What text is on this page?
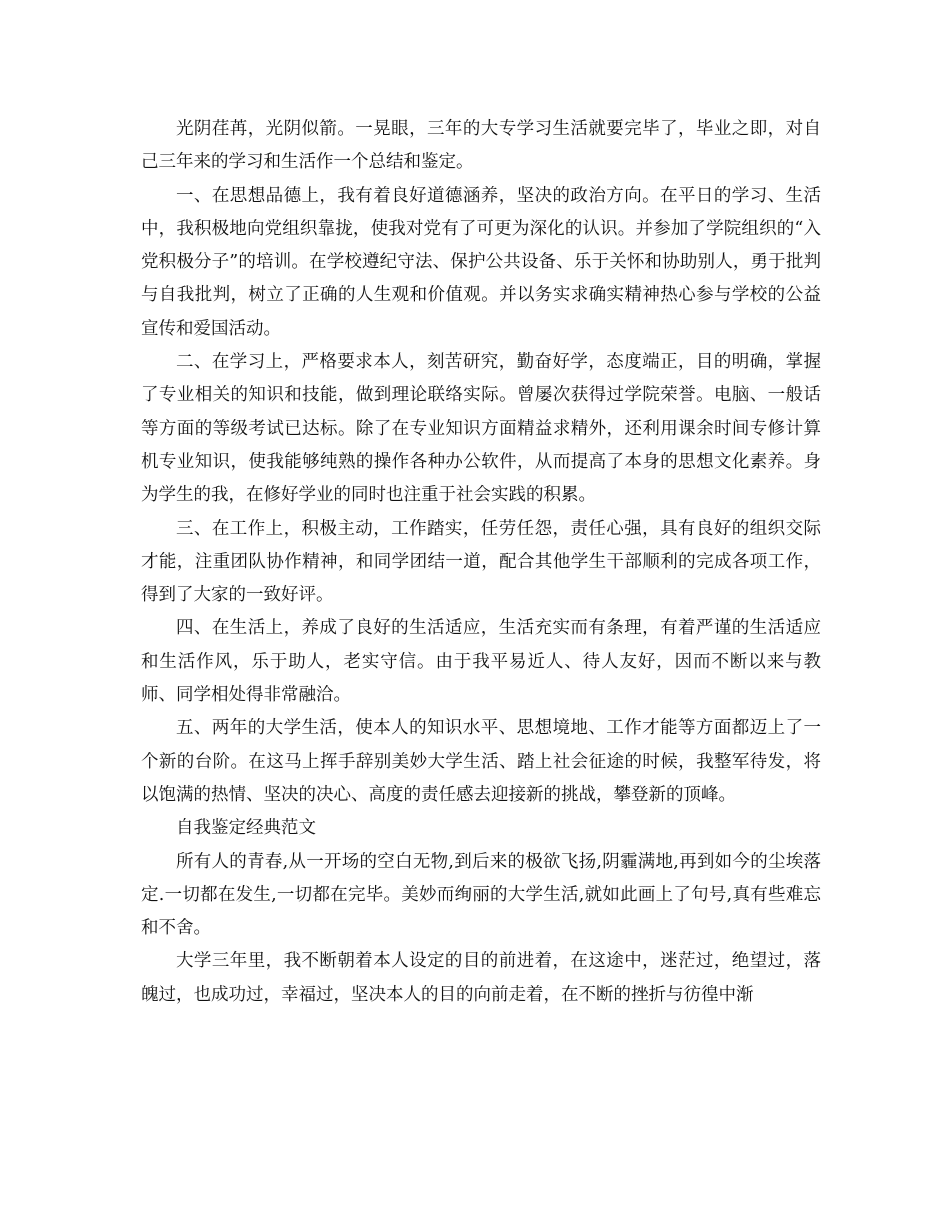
光阴荏苒，光阴似箭。一晃眼，三年的大专学习生活就要完毕了，毕业之即，对自己三年来的学习和生活作一个总结和鉴定。

一、在思想品德上，我有着良好道德涵养，坚决的政治方向。在平日的学习、生活中，我积极地向党组织靠拢，使我对党有了可更为深化的认识。并参加了学院组织的“入党积极分子”的培训。在学校遵纪守法、保护公共设备、乐于关怀和协助别人，勇于批判与自我批判，树立了正确的人生观和价值观。并以务实求确实精神热心参与学校的公益宣传和爱国活动。

二、在学习上，严格要求本人，刻苦研究，勤奋好学，态度端正，目的明确，掌握了专业相关的知识和技能，做到理论联络实际。曾屡次获得过学院荣誉。电脑、一般话等方面的等级考试已达标。除了在专业知识方面精益求精外，还利用课余时间专修计算机专业知识，使我能够纯熟的操作各种办公软件，从而提高了本身的思想文化素养。身为学生的我，在修好学业的同时也注重于社会实践的积累。

三、在工作上，积极主动，工作踏实，任劳任怨，责任心强，具有良好的组织交际才能，注重团队协作精神，和同学团结一道，配合其他学生干部顺利的完成各项工作，得到了大家的一致好评。

四、在生活上，养成了良好的生活适应，生活充实而有条理，有着严谨的生活适应和生活作风，乐于助人，老实守信。由于我平易近人、待人友好，因而不断以来与教师、同学相处得非常融洽。

五、两年的大学生活，使本人的知识水平、思想境地、工作才能等方面都迈上了一个新的台阶。在这马上挥手辞别美妙大学生活、踏上社会征途的时候，我整军待发，将以饱满的热情、坚决的决心、高度的责任感去迎接新的挑战，攀登新的顶峰。

自我鉴定经典范文

所有人的青春,从一开场的空白无物,到后来的极欲飞扬,阴霾满地,再到如今的尘埃落定.一切都在发生,一切都在完毕。美妙而绚丽的大学生活,就如此画上了句号,真有些难忘和不舍。

大学三年里，我不断朝着本人设定的目的前进着，在这途中，迷茫过，绝望过，落魄过，也成功过，幸福过，坚决本人的目的向前走着，在不断的挫折与彷徨中渐
